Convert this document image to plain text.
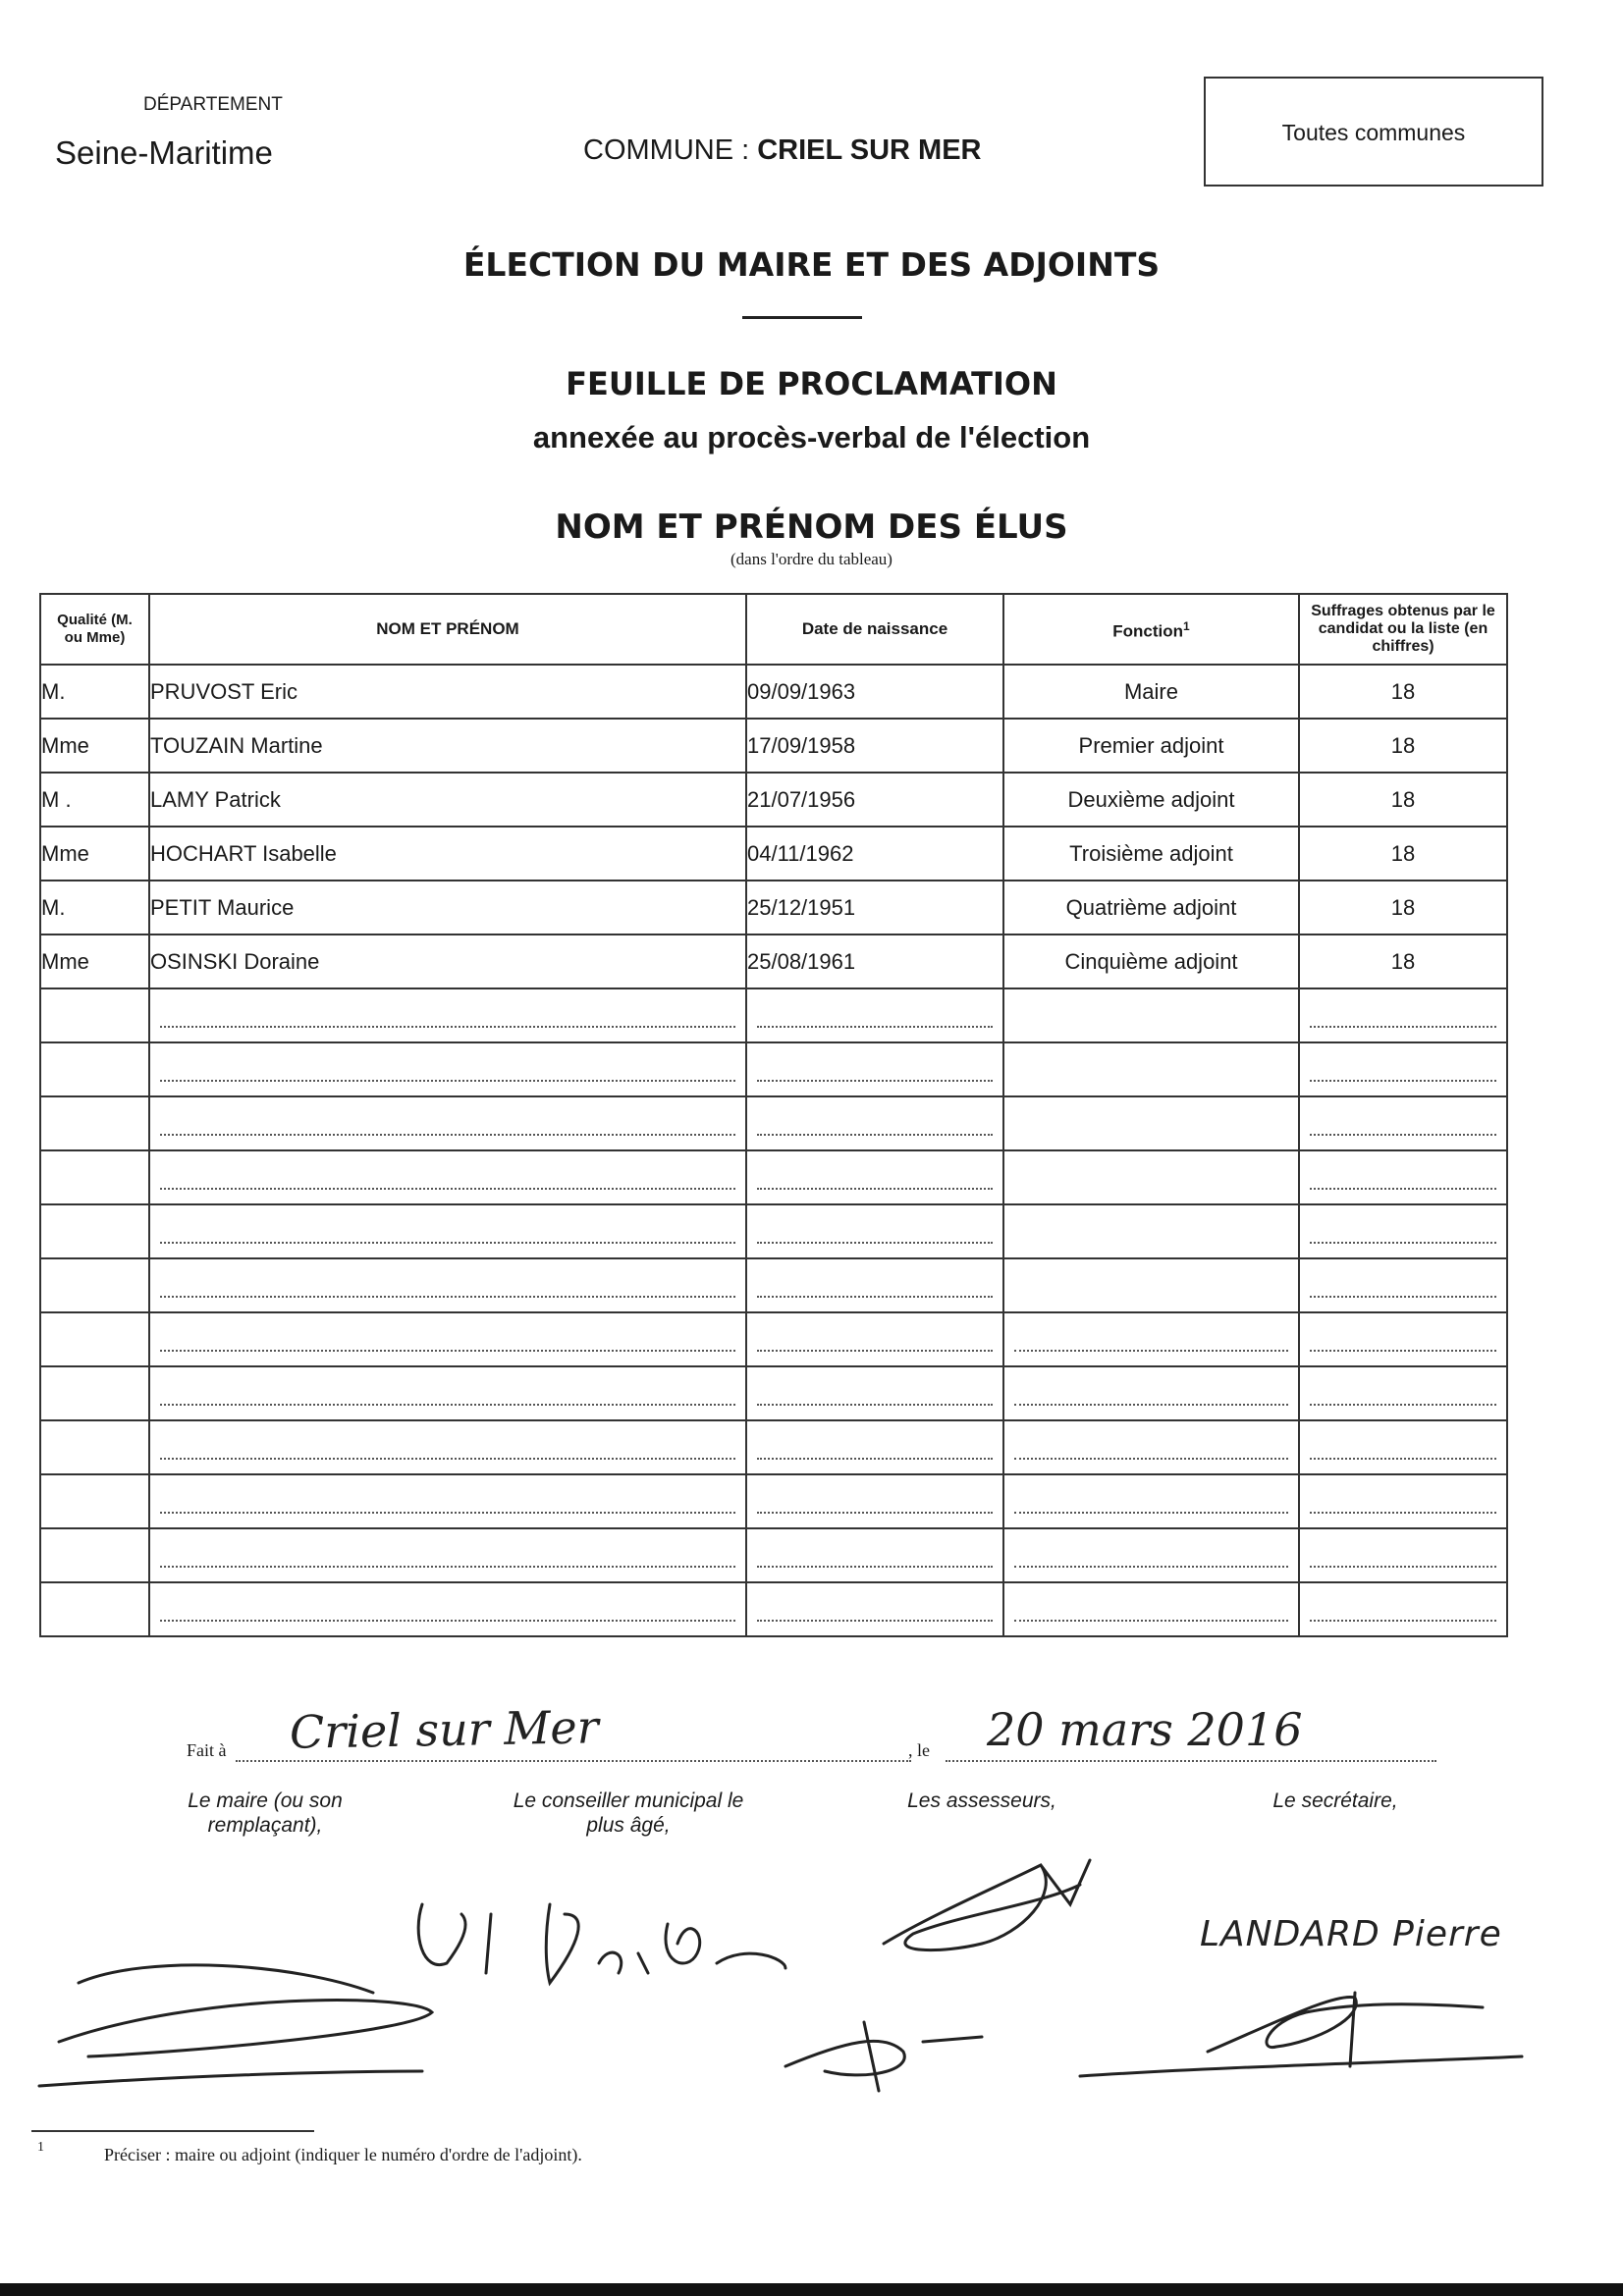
DÉPARTEMENT
Seine-Maritime	COMMUNE : CRIEL SUR MER
Toutes communes
ÉLECTION DU MAIRE ET DES ADJOINTS
FEUILLE DE PROCLAMATION
annexée au procès-verbal de l'élection
NOM ET PRÉNOM DES ÉLUS
(dans l'ordre du tableau)
Qualité (M. ou Mme)	NOM ET PRÉNOM	Date de naissance	Fonction$^1$	Suffrages obtenus par le candidat ou la liste (en chiffres)
M.	PRUVOST Eric	09/09/1963	Maire	18
Mme	TOUZAIN Martine	17/09/1958	Premier adjoint	18
M .	LAMY Patrick	21/07/1956	Deuxième adjoint	18
Mme	HOCHART Isabelle	04/11/1962	Troisième adjoint	18
M.	PETIT Maurice	25/12/1951	Quatrième adjoint	18
Mme	OSINSKI Doraine	25/08/1961	Cinquième adjoint	18

Fait à Criel sur Mer	, le 20 mars 2016
Le maire (ou son remplaçant),
Le conseiller municipal le plus âgé,
Les assesseurs,	Le secrétaire,
LANDARD Pierre
1	Préciser : maire ou adjoint (indiquer le numéro d'ordre de l'adjoint).
